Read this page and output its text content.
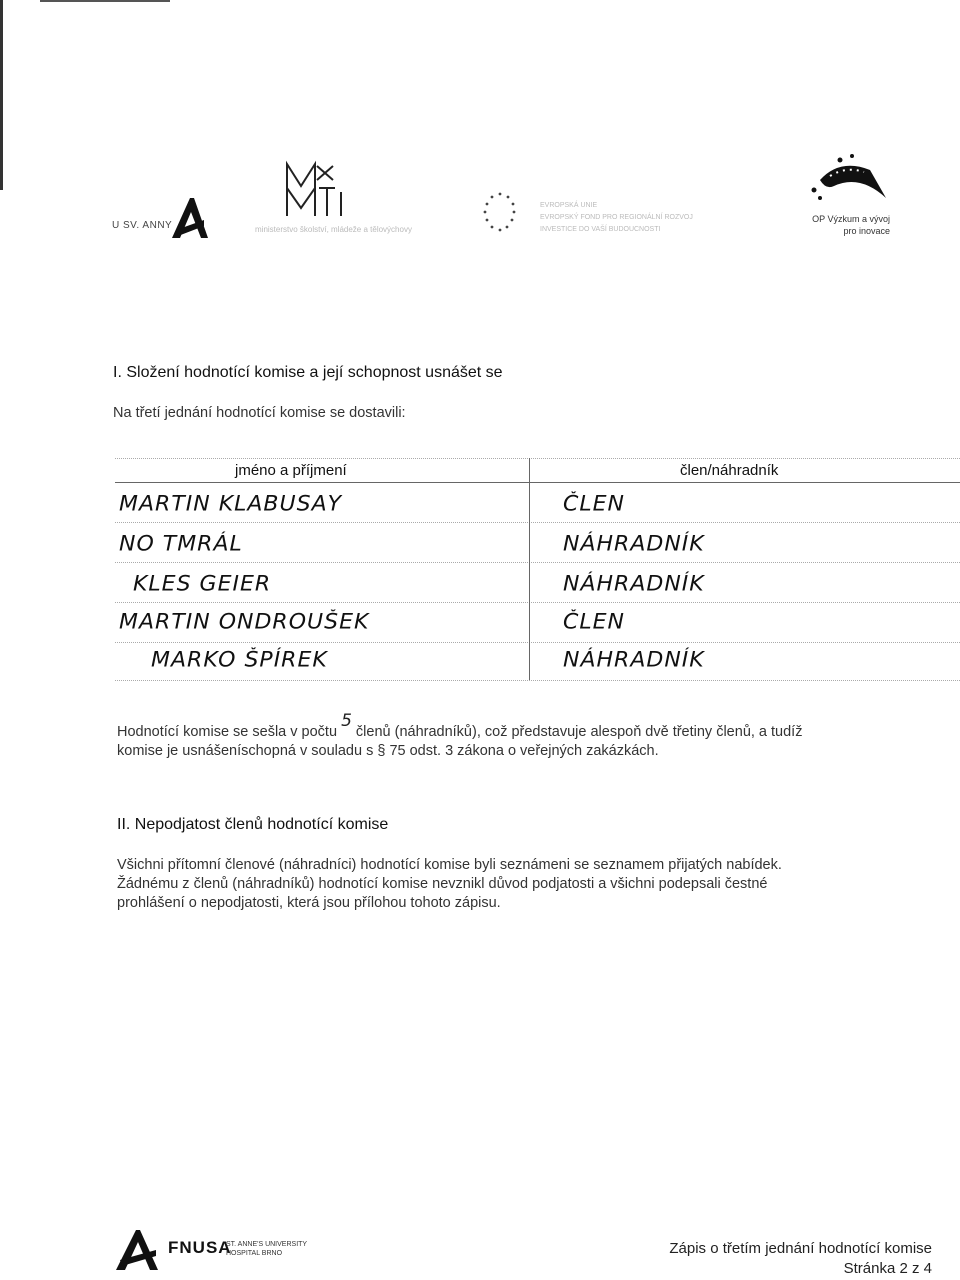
U SV. ANNY	ministerstvo školství, mládeže a tělovýchovy
EVROPSKÁ UNIE
EVROPSKÝ FOND PRO REGIONÁLNÍ ROZVOJ
INVESTICE DO VAŠÍ BUDOUCNOSTI
OP Výzkum a vývoj
pro inovace
I. Složení hodnotící komise a její schopnost usnášet se
Na třetí jednání hodnotící komise se dostavili:
jméno a příjmení	člen/náhradník
MARTIN KLABUSAY	ČLEN
NO TMRÁL	NÁHRADNÍK
KLES GEIER	NÁHRADNÍK
MARTIN ONDROUŠEK	ČLEN
MARKO ŠPÍREK	NÁHRADNÍK
Hodnotící komise se sešla v počtu 5 členů (náhradníků), což představuje alespoň dvě třetiny členů, a tudíž
komise je usnášeníschopná v souladu s § 75 odst. 3 zákona o veřejných zakázkách.
II. Nepodjatost členů hodnotící komise
Všichni přítomní členové (náhradníci) hodnotící komise byli seznámeni se seznamem přijatých nabídek.
Žádnému z členů (náhradníků) hodnotící komise nevznikl důvod podjatosti a všichni podepsali čestné
prohlášení o nepodjatosti, která jsou přílohou tohoto zápisu.
FNUSA
ST. ANNE'S UNIVERSITY
HOSPITAL BRNO	Zápis o třetím jednání hodnotící komise
Stránka 2 z 4
